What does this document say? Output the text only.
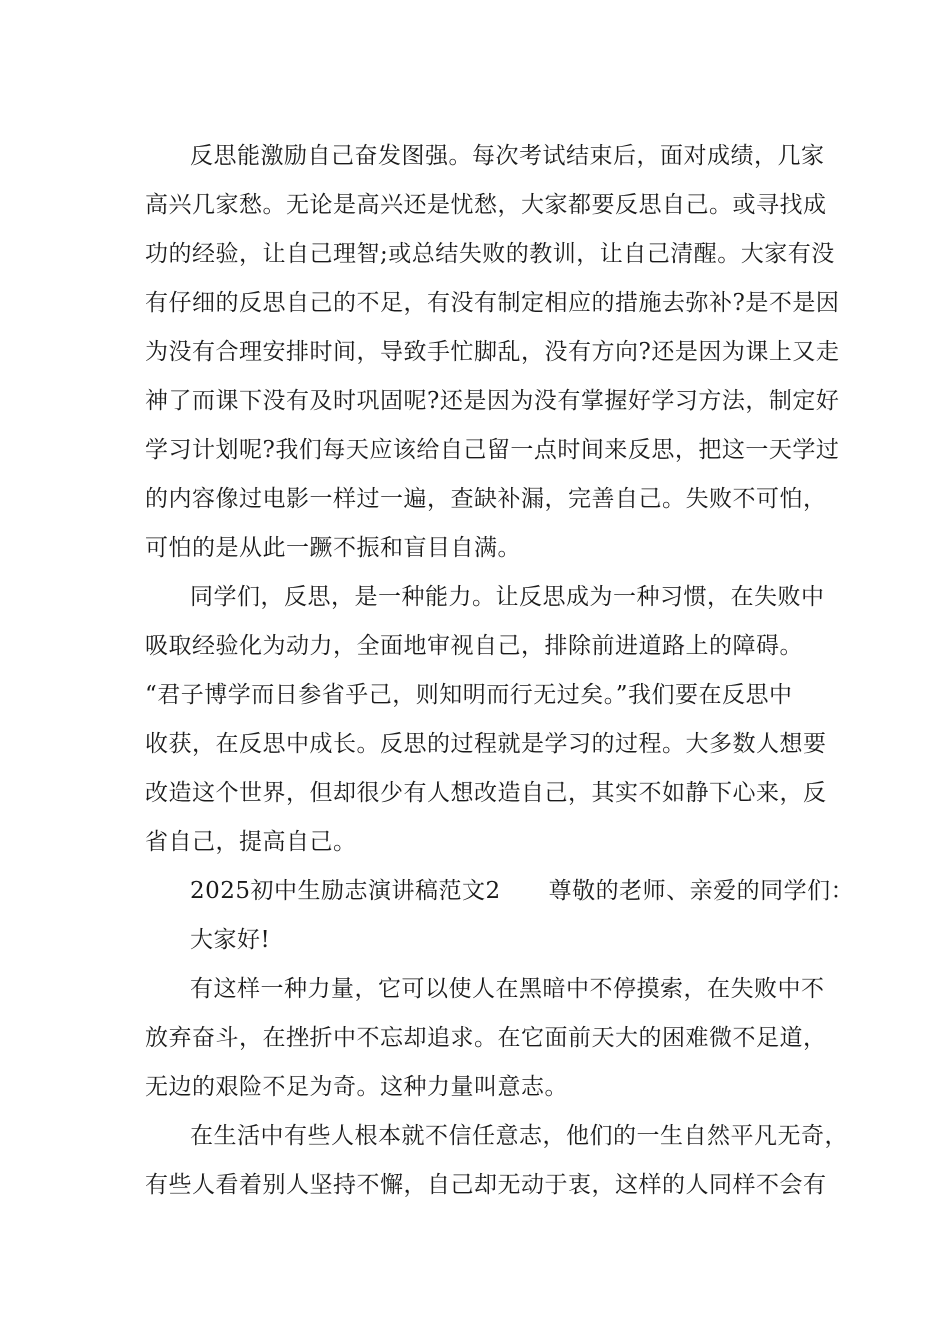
反思能激励自己奋发图强。每次考试结束后，面对成绩，几家
高兴几家愁。无论是高兴还是忧愁，大家都要反思自己。或寻找成
功的经验，让自己理智;或总结失败的教训，让自己清醒。大家有没
有仔细的反思自己的不足，有没有制定相应的措施去弥补?是不是因
为没有合理安排时间，导致手忙脚乱，没有方向?还是因为课上又走
神了而课下没有及时巩固呢?还是因为没有掌握好学习方法，制定好
学习计划呢?我们每天应该给自己留一点时间来反思，把这一天学过
的内容像过电影一样过一遍，查缺补漏，完善自己。失败不可怕，
可怕的是从此一蹶不振和盲目自满。
同学们，反思，是一种能力。让反思成为一种习惯，在失败中
吸取经验化为动力，全面地审视自己，排除前进道路上的障碍。
“君子博学而日参省乎己，则知明而行无过矣。”我们要在反思中
收获，在反思中成长。反思的过程就是学习的过程。大多数人想要
改造这个世界，但却很少有人想改造自己，其实不如静下心来，反
省自己，提高自己。
2025初中生励志演讲稿范文2 尊敬的老师、亲爱的同学们：
大家好!
有这样一种力量，它可以使人在黑暗中不停摸索，在失败中不
放弃奋斗，在挫折中不忘却追求。在它面前天大的困难微不足道，
无边的艰险不足为奇。这种力量叫意志。
在生活中有些人根本就不信任意志，他们的一生自然平凡无奇，
有些人看着别人坚持不懈，自己却无动于衷，这样的人同样不会有
